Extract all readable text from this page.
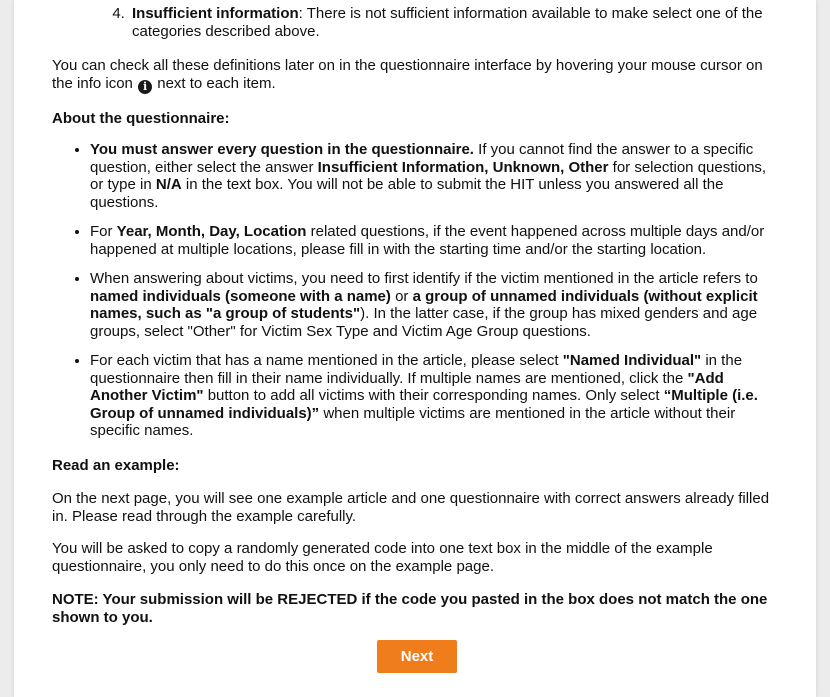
4. Insufficient information: There is not sufficient information available to make select one of the categories described above.

You can check all these definitions later on in the questionnaire interface by hovering your mouse cursor on the info icon i next to each item.

About the questionnaire:

• You must answer every question in the questionnaire. If you cannot find the answer to a specific question, either select the answer Insufficient Information, Unknown, Other for selection questions, or type in N/A in the text box. You will not be able to submit the HIT unless you answered all the questions.
• For Year, Month, Day, Location related questions, if the event happened across multiple days and/or happened at multiple locations, please fill in with the starting time and/or the starting location.
• When answering about victims, you need to first identify if the victim mentioned in the article refers to named individuals (someone with a name) or a group of unnamed individuals (without explicit names, such as "a group of students"). In the latter case, if the group has mixed genders and age groups, select "Other" for Victim Sex Type and Victim Age Group questions.
• For each victim that has a name mentioned in the article, please select "Named Individual" in the questionnaire then fill in their name individually. If multiple names are mentioned, click the "Add Another Victim" button to add all victims with their corresponding names. Only select “Multiple (i.e. Group of unnamed individuals)” when multiple victims are mentioned in the article without their specific names.

Read an example:

On the next page, you will see one example article and one questionnaire with correct answers already filled in. Please read through the example carefully.

You will be asked to copy a randomly generated code into one text box in the middle of the example questionnaire, you only need to do this once on the example page.

NOTE: Your submission will be REJECTED if the code you pasted in the box does not match the one shown to you.

Next
